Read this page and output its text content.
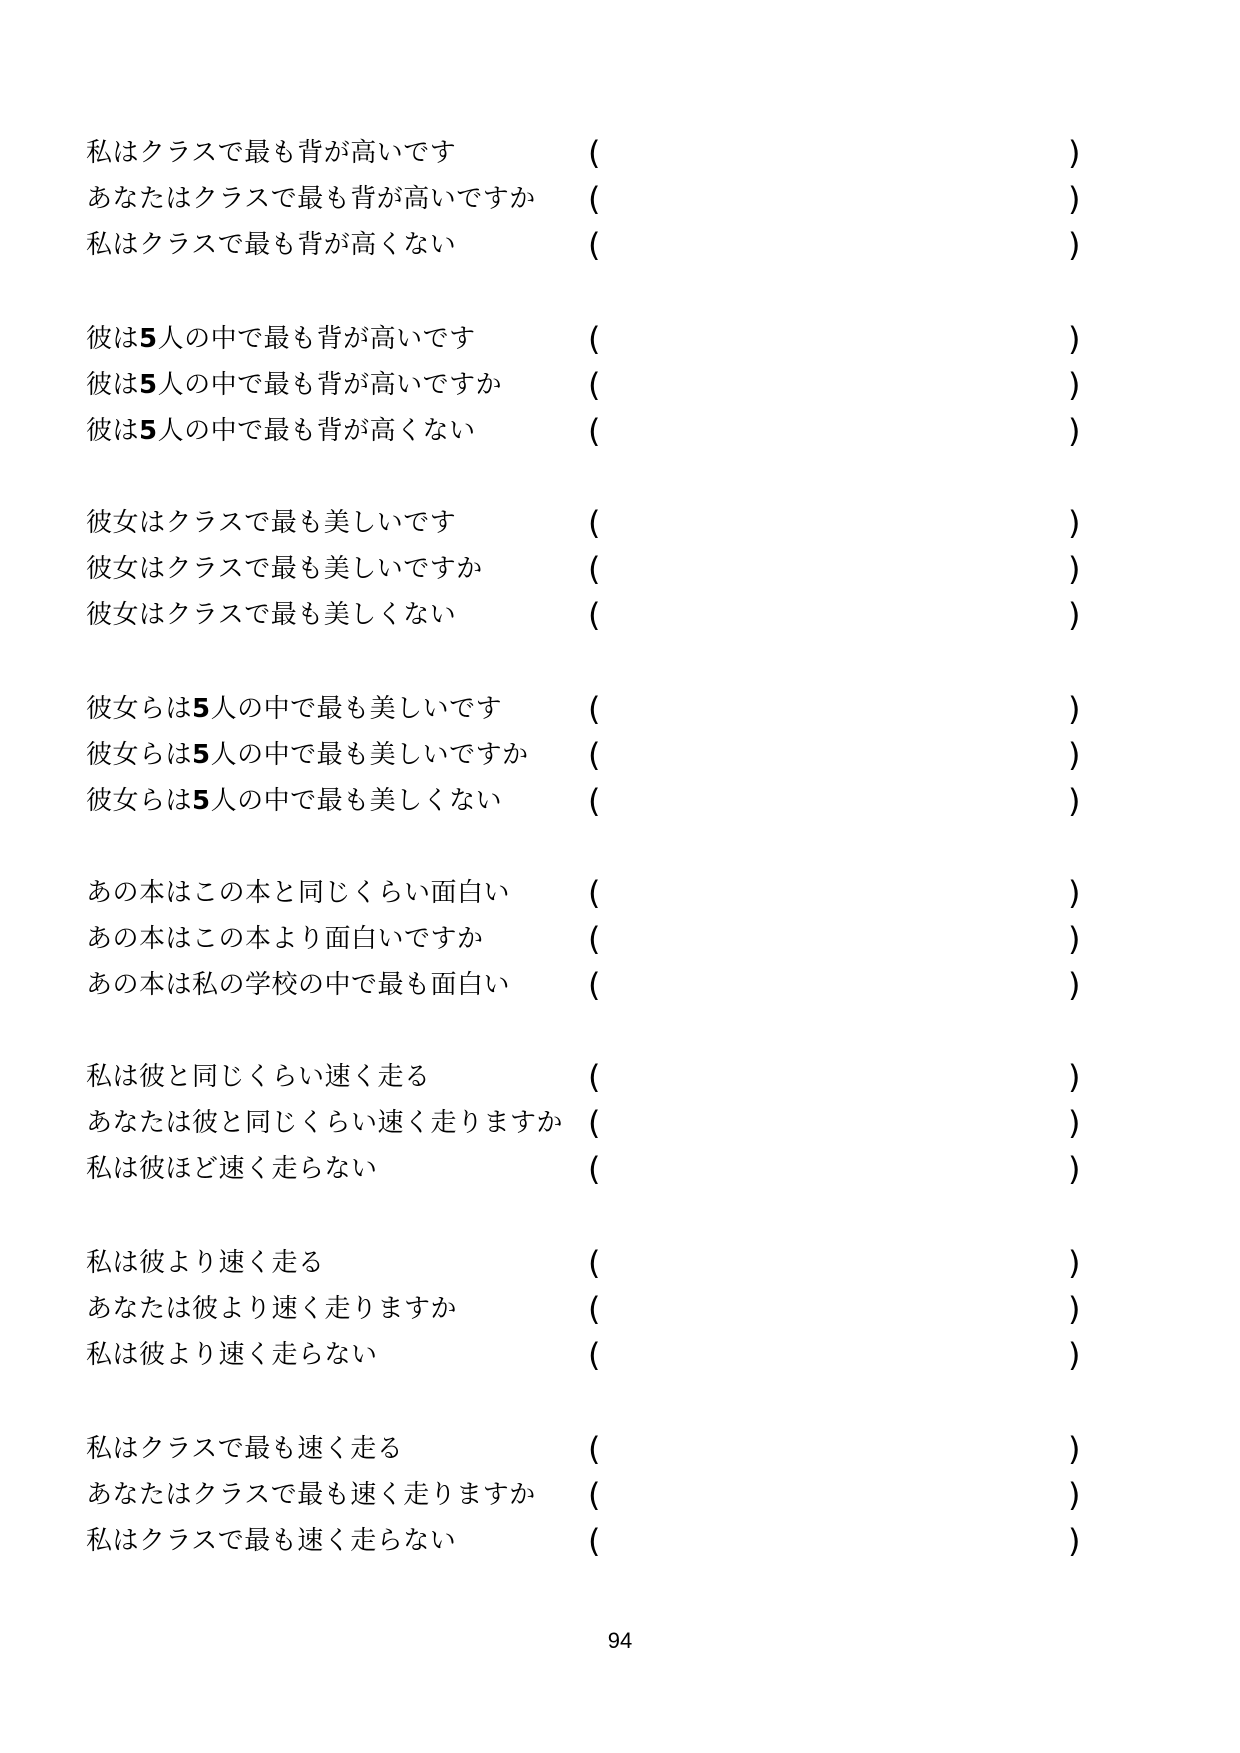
私はクラスで最も背が高いです	(	)
あなたはクラスで最も背が高いですか (	)
私はクラスで最も背が高くない	(	)
彼は5人の中で最も背が高いです	(	)
彼は5人の中で最も背が高いですか	(	)
彼は5人の中で最も背が高くない	(	)
彼女はクラスで最も美しいです	(	)
彼女はクラスで最も美しいですか	(	)
彼女はクラスで最も美しくない	(	)
彼女らは5人の中で最も美しいです	(	)
彼女らは5人の中で最も美しいですか (	)
彼女らは5人の中で最も美しくない	(	)
あの本はこの本と同じくらい面白い (	)
あの本はこの本より面白いですか	(	)
あの本は私の学校の中で最も面白い (	)
私は彼と同じくらい速く走る	(	)
あなたは彼と同じくらい速く走りますか (	)
私は彼ほど速く走らない	(	)
私は彼より速く走る	(	)
あなたは彼より速く走りますか	(	)
私は彼より速く走らない	(	)
私はクラスで最も速く走る	(	)
あなたはクラスで最も速く走りますか (	)
私はクラスで最も速く走らない	(	)
94
